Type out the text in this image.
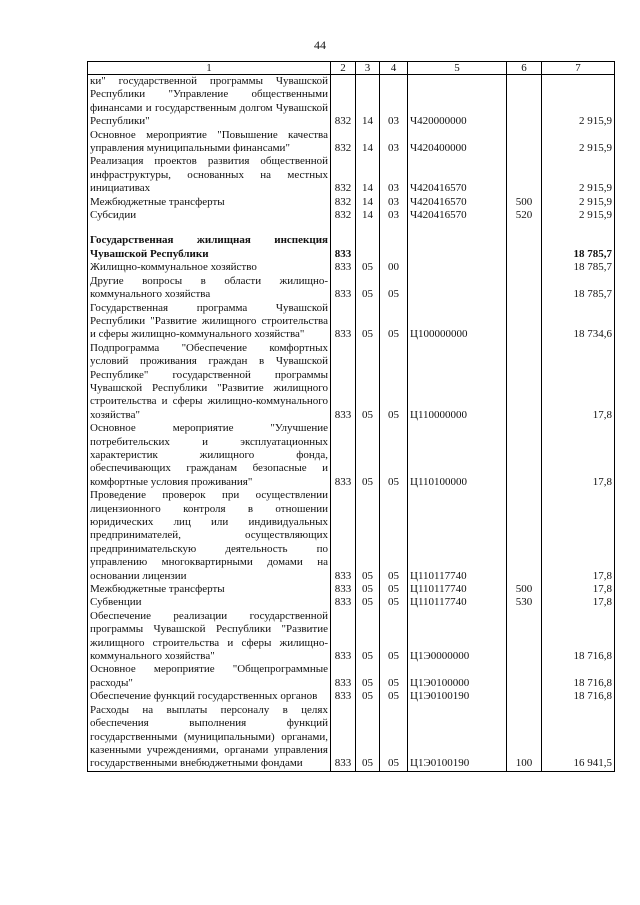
44
1	2	3	4	5	6	7
ки" государственной программы Чувашской Республики "Управление общественными финансами и государственным долгом Чувашской Республики"	832	14	03	Ч420000000		2 915,9
Основное мероприятие "Повышение качества управления муниципальными финансами"	832	14	03	Ч420400000		2 915,9
Реализация проектов развития общественной инфраструктуры, основанных на местных инициативах	832	14	03	Ч420416570		2 915,9
Межбюджетные трансферты	832	14	03	Ч420416570	500	2 915,9
Субсидии	832	14	03	Ч420416570	520	2 915,9

Государственная жилищная инспекция Чувашской Республики	833					18 785,7
Жилищно-коммунальное хозяйство	833	05	00			18 785,7
Другие вопросы в области жилищно-коммунального хозяйства	833	05	05			18 785,7
Государственная программа Чувашской Республики "Развитие жилищного строительства и сферы жилищно-коммунального хозяйства"	833	05	05	Ц100000000		18 734,6
Подпрограмма "Обеспечение комфортных условий проживания граждан в Чувашской Республике" государственной программы Чувашской Республики "Развитие жилищного строительства и сферы жилищно-коммунального хозяйства"	833	05	05	Ц110000000		17,8
Основное мероприятие "Улучшение потребительских и эксплуатационных характеристик жилищного фонда, обеспечивающих гражданам безопасные и комфортные условия проживания"	833	05	05	Ц110100000		17,8
Проведение проверок при осуществлении лицензионного контроля в отношении юридических лиц или индивидуальных предпринимателей, осуществляющих предпринимательскую деятельность по управлению многоквартирными домами на основании лицензии	833	05	05	Ц110117740		17,8
Межбюджетные трансферты	833	05	05	Ц110117740	500	17,8
Субвенции	833	05	05	Ц110117740	530	17,8
Обеспечение реализации государственной программы Чувашской Республики "Развитие жилищного строительства и сферы жилищно-коммунального хозяйства"	833	05	05	Ц1Э0000000		18 716,8
Основное мероприятие "Общепрограммные расходы"	833	05	05	Ц1Э0100000		18 716,8
Обеспечение функций государственных органов	833	05	05	Ц1Э0100190		18 716,8
Расходы на выплаты персоналу в целях обеспечения выполнения функций государственными (муниципальными) органами, казенными учреждениями, органами управления государственными внебюджетными фондами	833	05	05	Ц1Э0100190	100	16 941,5
